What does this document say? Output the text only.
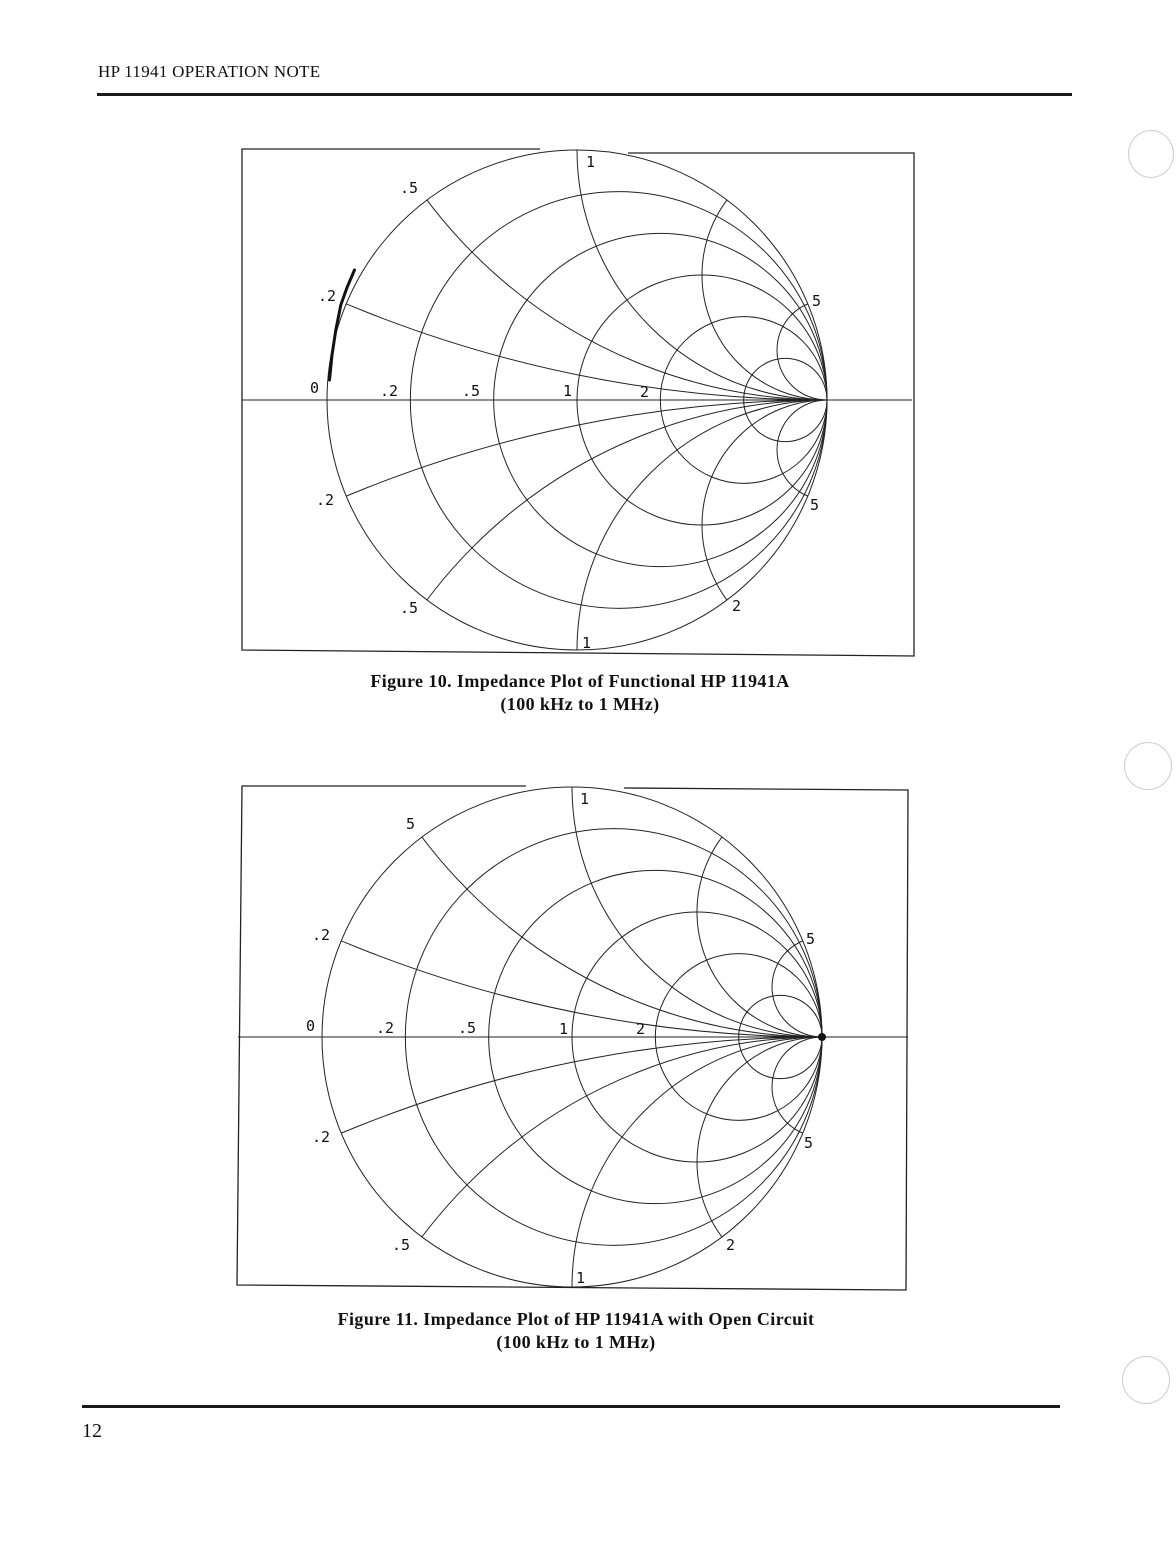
HP 11941 OPERATION NOTE
0	.2	.5	1	2
.5
.2
1
5
.2
.5
1
2
5
Figure 10. Impedance Plot of Functional HP 11941A
(100 kHz to 1 MHz)
0	.2	.5	1	2
5
.2
1
5
.2
.5
1
2
5
Figure 11. Impedance Plot of HP 11941A with Open Circuit
(100 kHz to 1 MHz)
12
